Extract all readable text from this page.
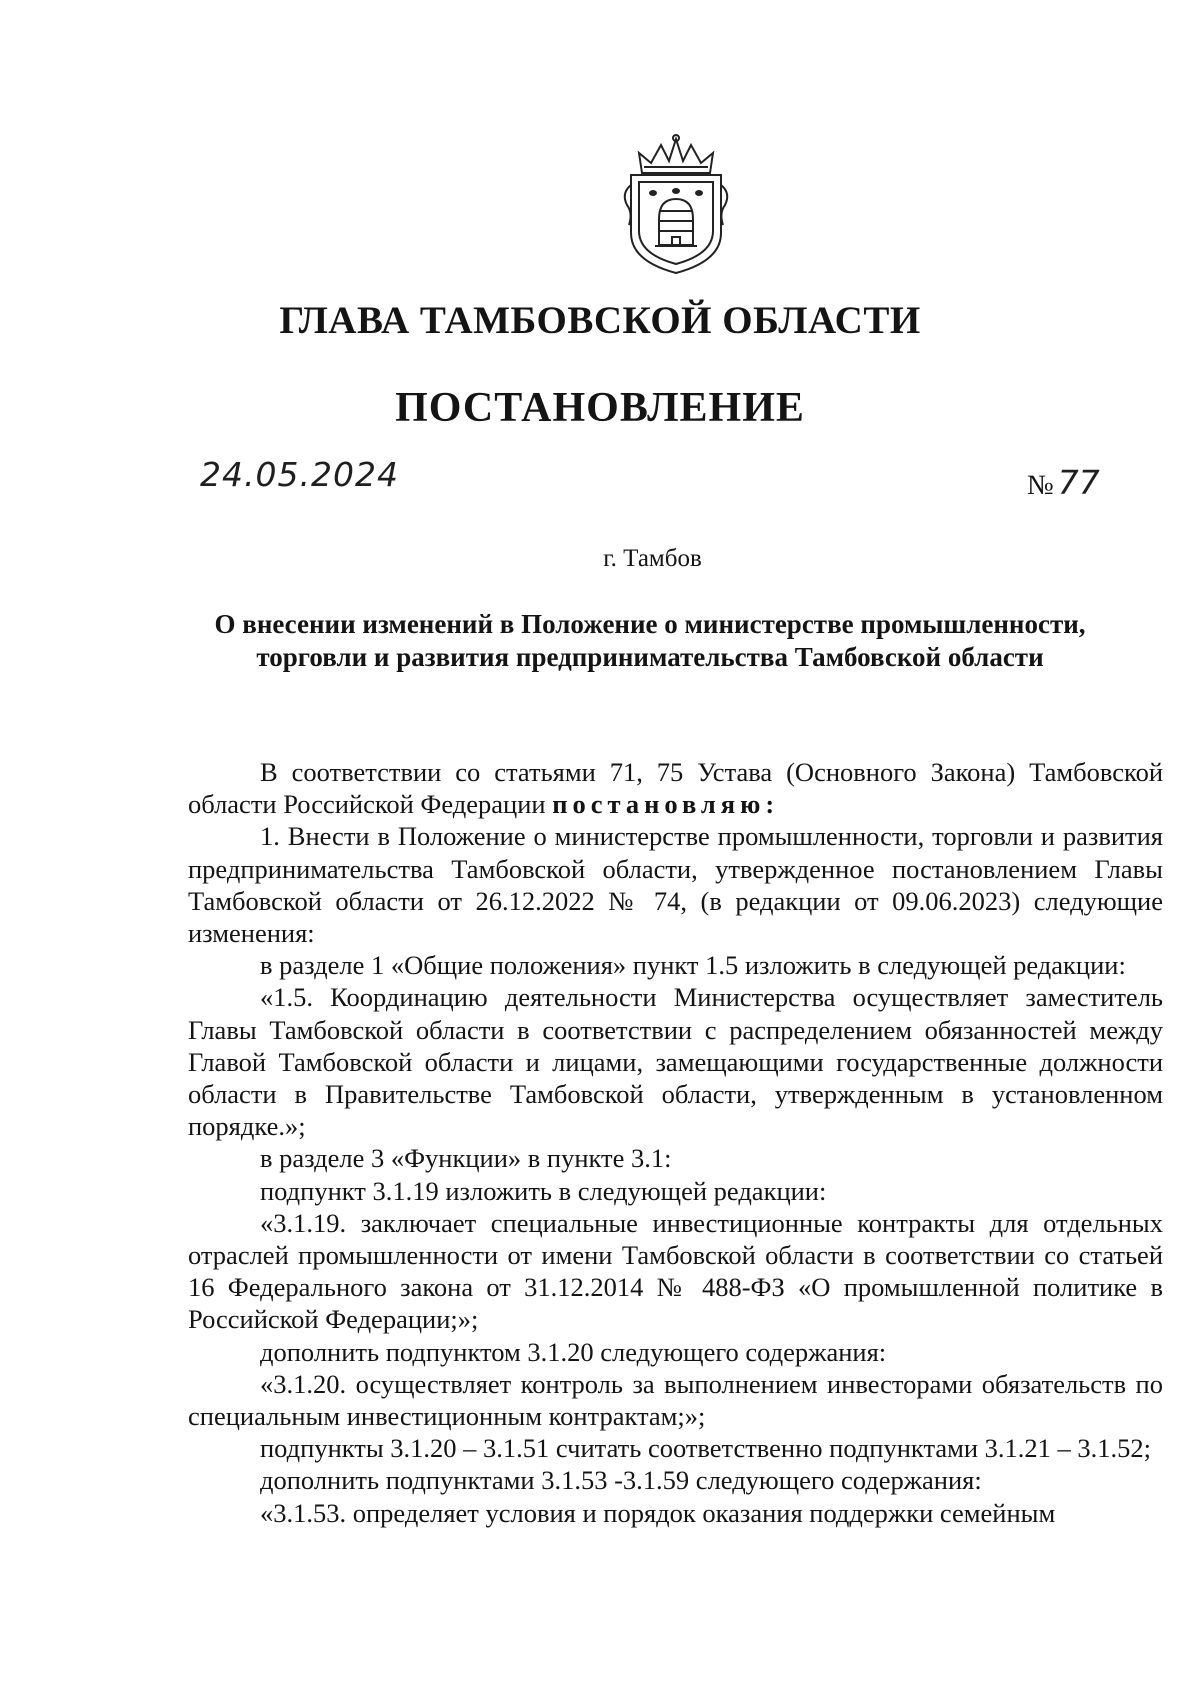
ГЛАВА ТАМБОВСКОЙ ОБЛАСТИ
ПОСТАНОВЛЕНИЕ
24.05.2024	№ 77
г. Тамбов
О внесении изменений в Положение о министерстве промышленности,
торговли и развития предпринимательства Тамбовской области

В соответствии со статьями 71, 75 Устава (Основного Закона) Тамбовской области Российской Федерации постановляю:

1. Внести в Положение о министерстве промышленности, торговли и развития предпринимательства Тамбовской области, утвержденное постановлением Главы Тамбовской области от 26.12.2022 № 74, (в редакции от 09.06.2023) следующие изменения:

в разделе 1 «Общие положения» пункт 1.5 изложить в следующей редакции:

«1.5. Координацию деятельности Министерства осуществляет заместитель Главы Тамбовской области в соответствии с распределением обязанностей между Главой Тамбовской области и лицами, замещающими государственные должности области в Правительстве Тамбовской области, утвержденным в установленном порядке.»;

в разделе 3 «Функции» в пункте 3.1:

подпункт 3.1.19 изложить в следующей редакции:

«3.1.19. заключает специальные инвестиционные контракты для отдельных отраслей промышленности от имени Тамбовской области в соответствии со статьей 16 Федерального закона от 31.12.2014 № 488-ФЗ «О промышленной политике в Российской Федерации;»;

дополнить подпунктом 3.1.20 следующего содержания:

«3.1.20. осуществляет контроль за выполнением инвесторами обязательств по специальным инвестиционным контрактам;»;

подпункты 3.1.20 – 3.1.51 считать соответственно подпунктами 3.1.21 – 3.1.52;

дополнить подпунктами 3.1.53 -3.1.59 следующего содержания:

«3.1.53. определяет условия и порядок оказания поддержки семейным
